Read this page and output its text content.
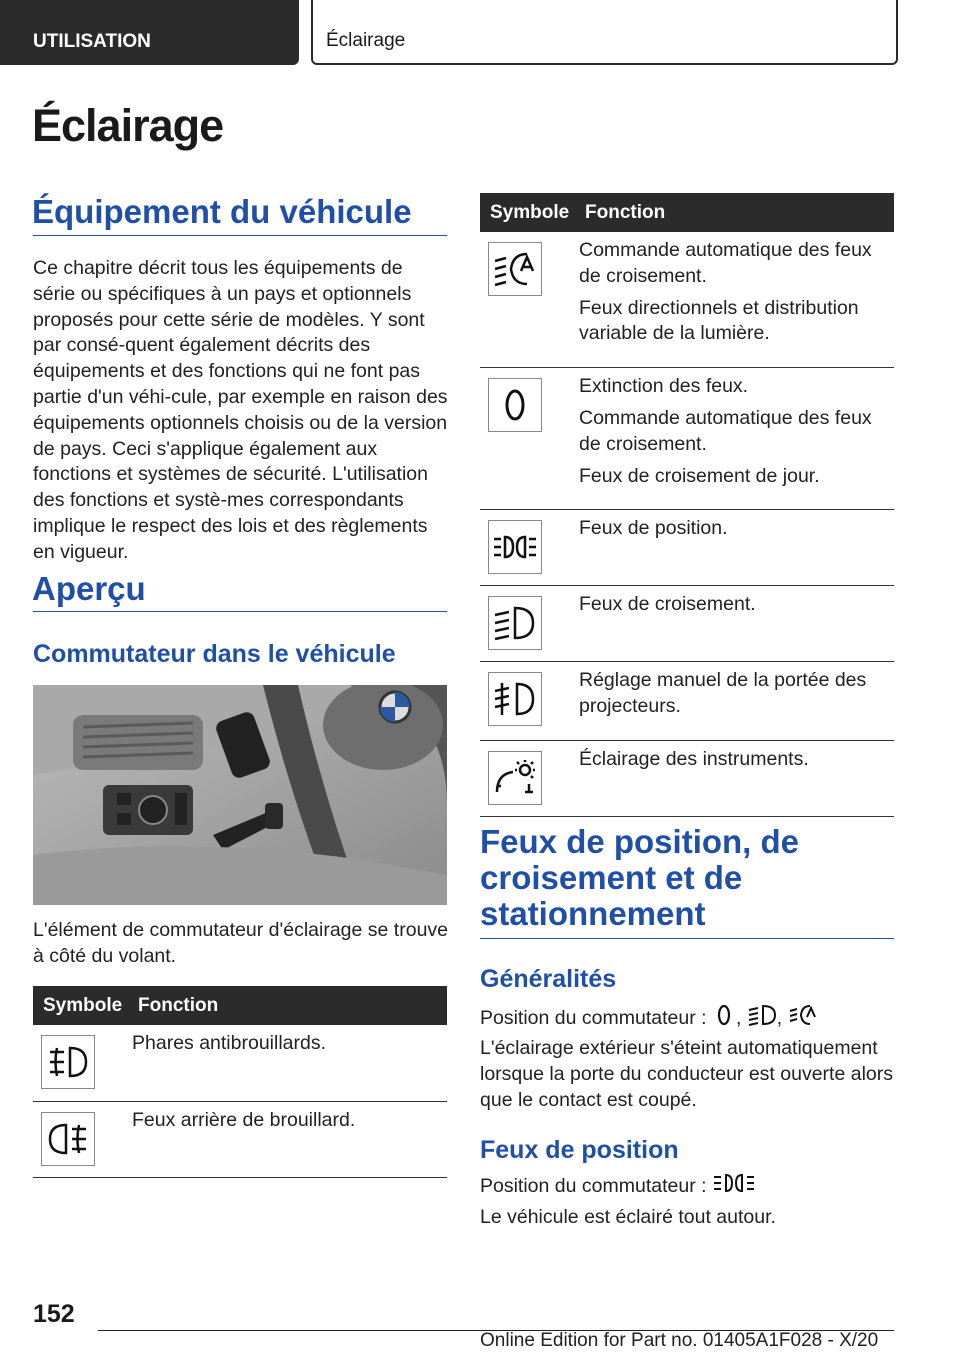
UTILISATION	Éclairage
Éclairage
Équipement du véhicule

Ce chapitre décrit tous les équipements de série ou spécifiques à un pays et optionnels proposés pour cette série de modèles. Y sont par consé-quent également décrits des équipements et des fonctions qui ne font pas partie d'un véhi-cule, par exemple en raison des équipements optionnels choisis ou de la version de pays. Ceci s'applique également aux fonctions et systèmes de sécurité. L'utilisation des fonctions et systè-mes correspondants implique le respect des lois et des règlements en vigueur.

Aperçu
Commutateur dans le véhicule

L'élément de commutateur d'éclairage se trouve à côté du volant.

Symbole	Fonction

Phares antibrouillards.

Feux arrière de brouillard.
Symbole	Fonction

Commande automatique des feux de croisement.
Feux directionnels et distribution variable de la lumière.

Extinction des feux.
Commande automatique des feux de croisement.
Feux de croisement de jour.

Feux de position.

Feux de croisement.

Réglage manuel de la portée des projecteurs.

Éclairage des instruments.
Feux de position, de croisement et de stationnement
Généralités

Position du commutateur : , ,

L'éclairage extérieur s'éteint automatiquement lorsque la porte du conducteur est ouverte alors que le contact est coupé.

Feux de position

Position du commutateur :

Le véhicule est éclairé tout autour.

152

Online Edition for Part no. 01405A1F028 - X/20
